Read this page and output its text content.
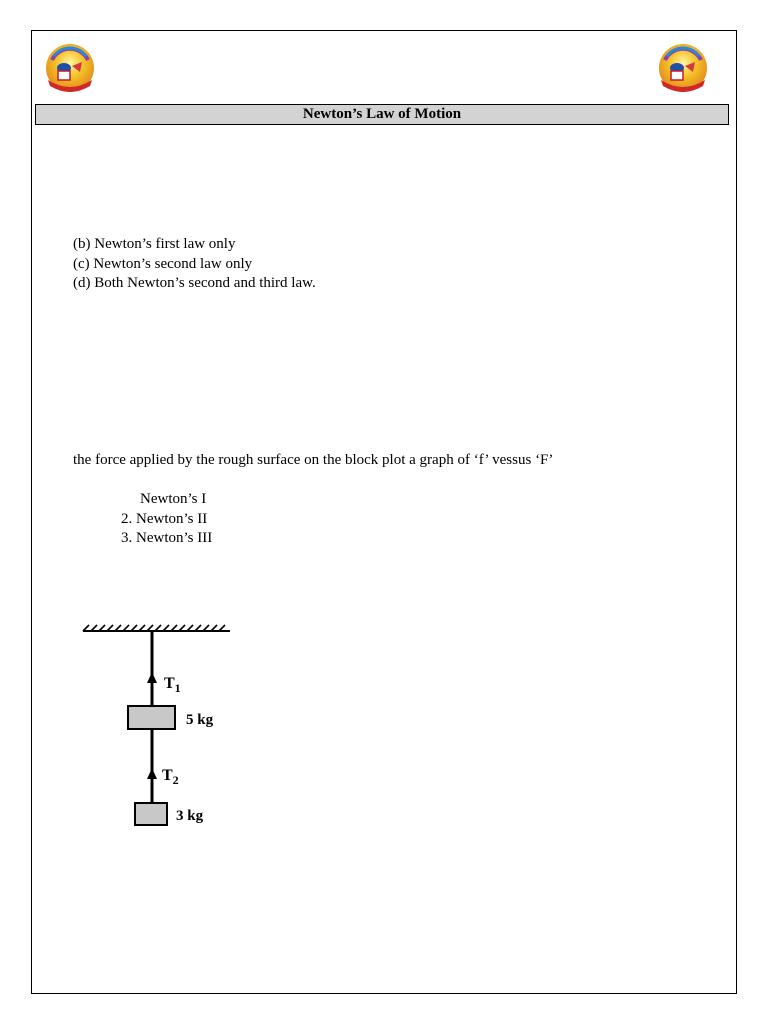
Newton’s Law of Motion
(b) Newton’s first law only
(c) Newton’s second law only
(d) Both Newton’s second and third law.
the force applied by the rough surface on the block plot a graph of ‘f’ vessus ‘F’
Newton’s I
2. Newton’s II
3. Newton’s III
$T_1$
5 kg
$T_2$
3 kg
